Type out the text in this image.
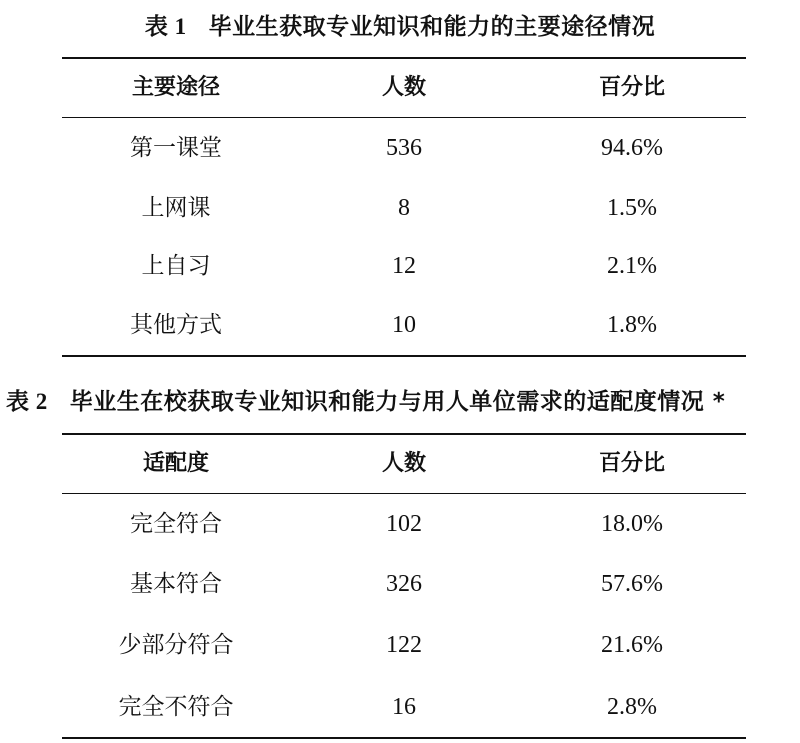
表 1 毕业生获取专业知识和能力的主要途径情况
主要途径	人数	百分比
第一课堂	536	94.6%
上网课	8	1.5%
上自习	12	2.1%
其他方式	10	1.8%
表 2 毕业生在校获取专业知识和能力与用人单位需求的适配度情况 *
适配度	人数	百分比
完全符合	102	18.0%
基本符合	326	57.6%
少部分符合	122	21.6%
完全不符合	16	2.8%
